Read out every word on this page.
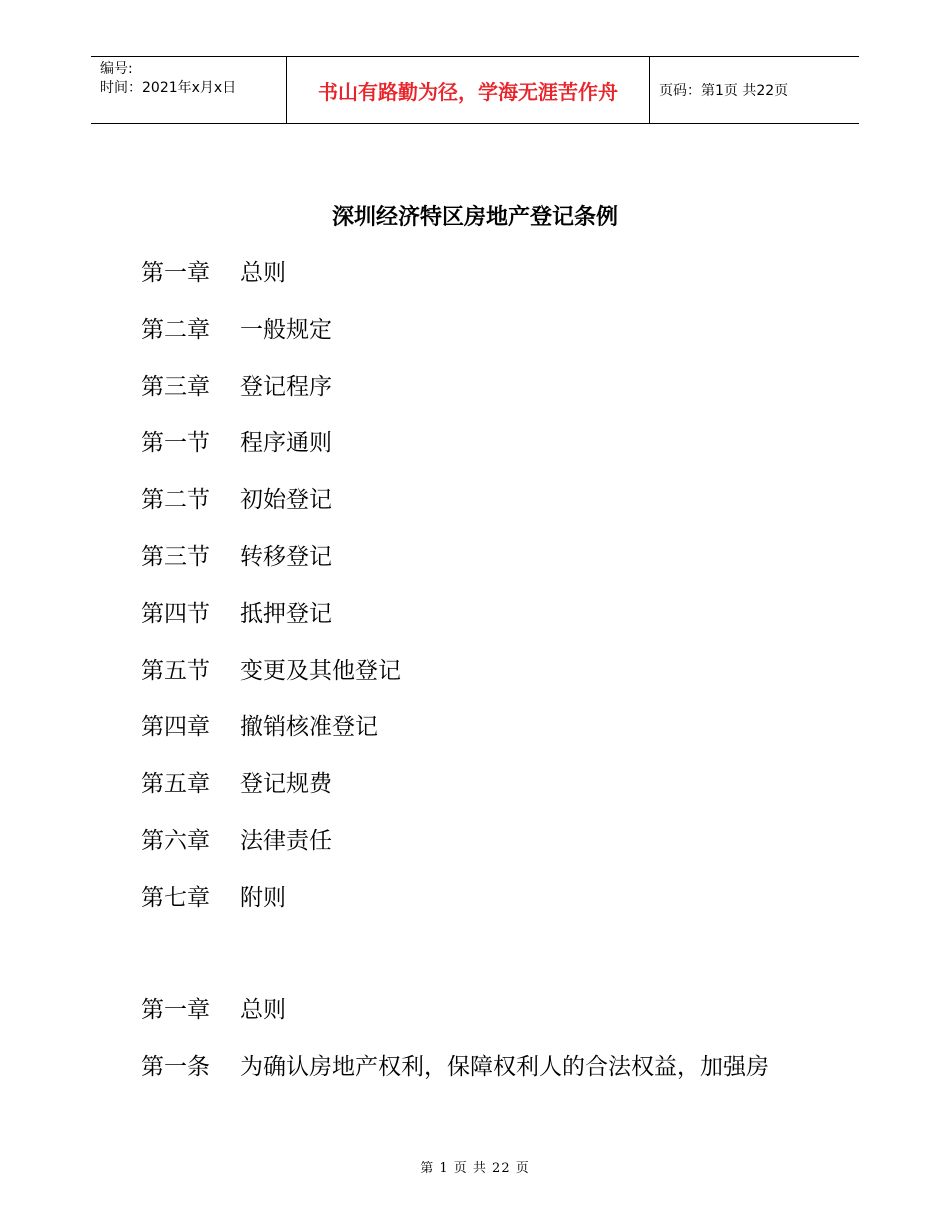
编号:
时间：2021年x月x日	书山有路勤为径，学海无涯苦作舟	页码：第1页 共22页
深圳经济特区房地产登记条例
第一章 总则
第二章 一般规定
第三章 登记程序
第一节 程序通则
第二节 初始登记
第三节 转移登记
第四节 抵押登记
第五节 变更及其他登记
第四章 撤销核准登记
第五章 登记规费
第六章 法律责任
第七章 附则
第一章 总则
第一条 为确认房地产权利，保障权利人的合法权益，加强房
第 1 页 共 22 页
